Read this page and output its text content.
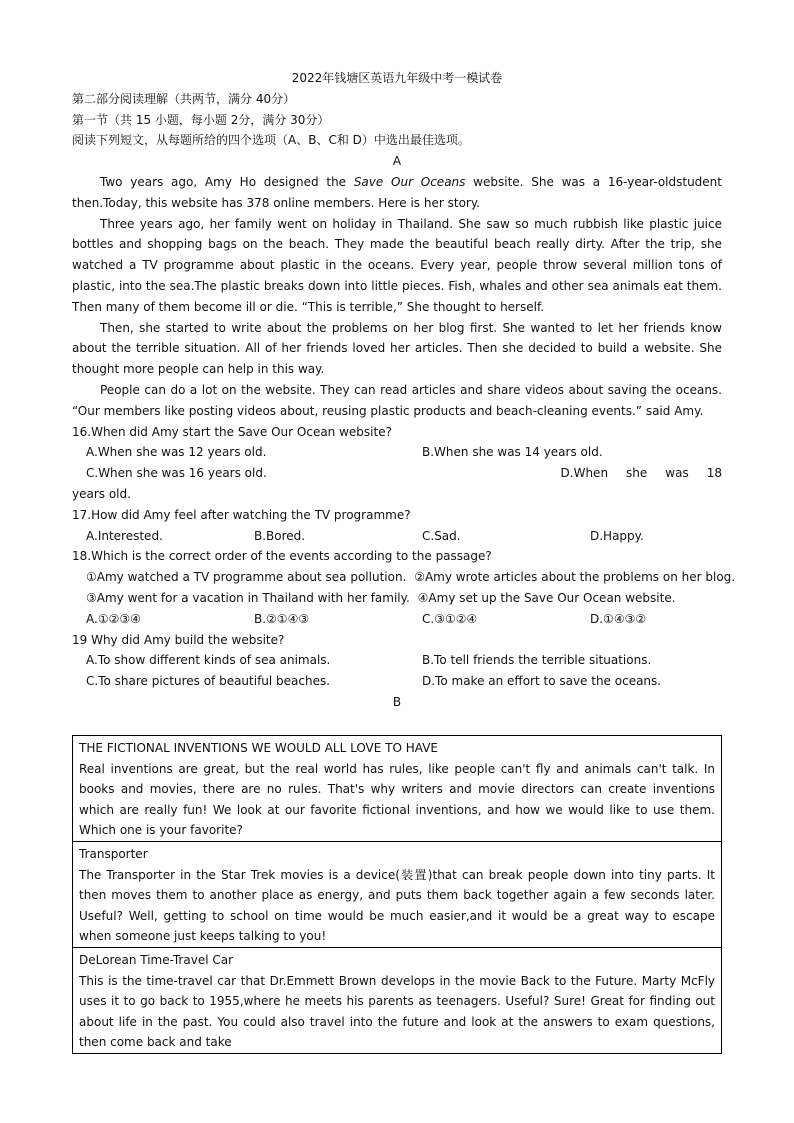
2022年钱塘区英语九年级中考一模试卷
第二部分阅读理解（共两节，满分 40分）
第一节（共 15 小题，每小题 2分，满分 30分）
阅读下列短文，从每题所给的四个选项（A、B、C和 D）中选出最佳选项。
A

Two years ago, Amy Ho designed the Save Our Oceans website. She was a 16-year-oldstudent then.Today, this website has 378 online members. Here is her story.

Three years ago, her family went on holiday in Thailand. She saw so much rubbish like plastic juice bottles and shopping bags on the beach. They made the beautiful beach really dirty. After the trip, she watched a TV programme about plastic in the oceans. Every year, people throw several million tons of plastic, into the sea.The plastic breaks down into little pieces. Fish, whales and other sea animals eat them. Then many of them become ill or die. “This is terrible,” She thought to herself.

Then, she started to write about the problems on her blog first. She wanted to let her friends know about the terrible situation. All of her friends loved her articles. Then she decided to build a website. She thought more people can help in this way.

People can do a lot on the website. They can read articles and share videos about saving the oceans. “Our members like posting videos about, reusing plastic products and beach-cleaning events.” said Amy.

16.When did Amy start the Save Our Ocean website?
A.When she was 12 years old.	B.When she was 14 years old.
C.When she was 16 years old.	D.When she was 18
years old.
17.How did Amy feel after watching the TV programme?
A.Interested.	B.Bored.	C.Sad.	D.Happy.
18.Which is the correct order of the events according to the passage?
①Amy watched a TV programme about sea pollution. ②Amy wrote articles about the problems on her blog.
③Amy went for a vacation in Thailand with her family. ④Amy set up the Save Our Ocean website.
A.①②③④	B.②①④③	C.③①②④	D.①④③②
19 Why did Amy build the website?
A.To show different kinds of sea animals.	B.To tell friends the terrible situations.
C.To share pictures of beautiful beaches.	D.To make an effort to save the oceans.
B
THE FICTIONAL INVENTIONS WE WOULD ALL LOVE TO HAVE

Real inventions are great, but the real world has rules, like people can't fly and animals can't talk. In books and movies, there are no rules. That's why writers and movie directors can create inventions which are really fun! We look at our favorite fictional inventions, and how we would like to use them. Which one is your favorite?

Transporter

The Transporter in the Star Trek movies is a device(装置)that can break people down into tiny parts. It then moves them to another place as energy, and puts them back together again a few seconds later. Useful? Well, getting to school on time would be much easier,and it would be a great way to escape when someone just keeps talking to you!

DeLorean Time-Travel Car

This is the time-travel car that Dr.Emmett Brown develops in the movie Back to the Future. Marty McFly uses it to go back to 1955,where he meets his parents as teenagers. Useful? Sure! Great for finding out about life in the past. You could also travel into the future and look at the answers to exam questions, then come back and take
